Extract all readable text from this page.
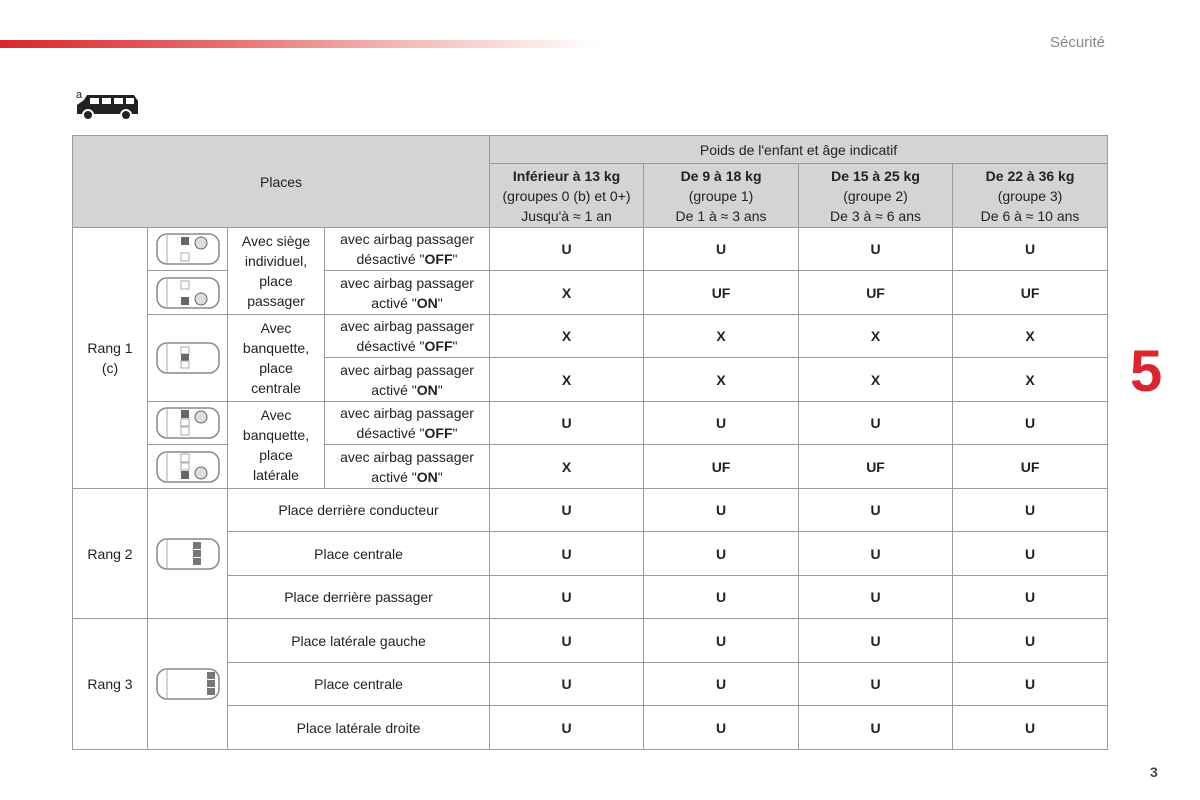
Sécurité
5
3
a
Places				Poids de l'enfant et âge indicatif			
				Inférieur à 13 kg
(groupes 0 (b) et 0+)
Jusqu'à ≈ 1 an	De 9 à 18 kg
(groupe 1)
De 1 à ≈ 3 ans	De 15 à 25 kg
(groupe 2)
De 3 à ≈ 6 ans	De 22 à 36 kg
(groupe 3)
De 6 à ≈ 10 ans
Rang 1
(c)		Avec siège
individuel,
place
passager	avec airbag passager
désactivé "OFF"	U	U	U	U

	avec airbag passager
activé "ON"	X	UF	UF	UF

	Avec
banquette,
place
centrale	avec airbag passager
désactivé "OFF"	X	X	X	X
			avec airbag passager
activé "ON"	X	X	X	X

	Avec
banquette,
place
latérale	avec airbag passager
désactivé "OFF"	U	U	U	U

	avec airbag passager
activé "ON"	X	UF	UF	UF
Rang 2		Place derrière conducteur		U	U	U	U
		Place centrale		U	U	U	U
		Place derrière passager		U	U	U	U
Rang 3		Place latérale gauche		U	U	U	U
		Place centrale		U	U	U	U
		Place latérale droite		U	U	U	U
